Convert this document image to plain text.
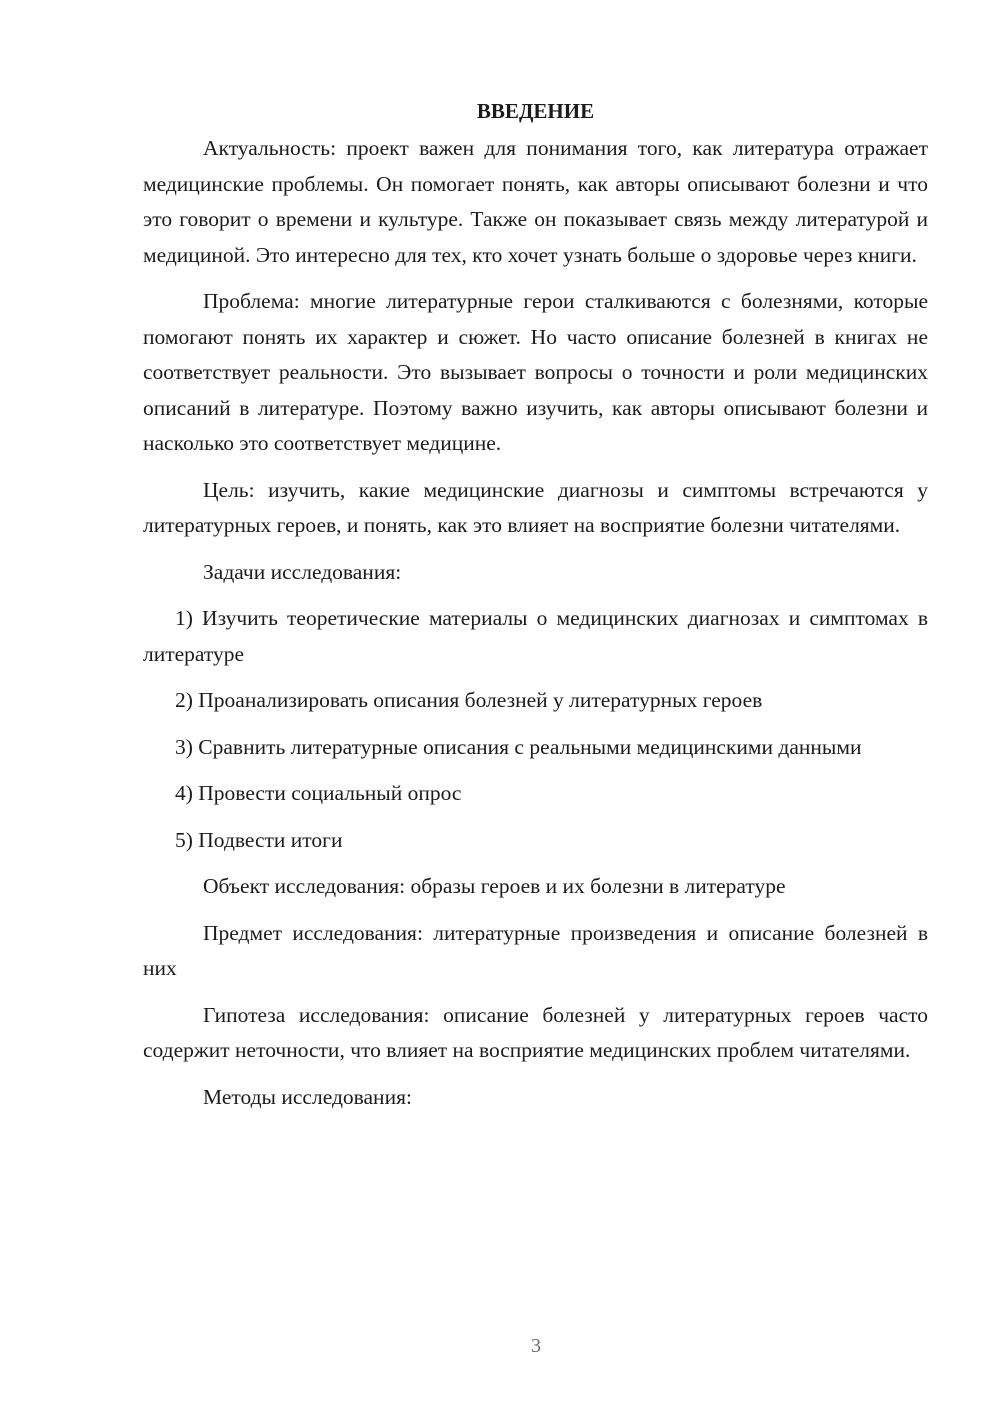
ВВЕДЕНИЕ

Актуальность: проект важен для понимания того, как литература отражает медицинские проблемы. Он помогает понять, как авторы описывают болезни и что это говорит о времени и культуре. Также он показывает связь между литературой и медициной. Это интересно для тех, кто хочет узнать больше о здоровье через книги.

Проблема: многие литературные герои сталкиваются с болезнями, которые помогают понять их характер и сюжет. Но часто описание болезней в книгах не соответствует реальности. Это вызывает вопросы о точности и роли медицинских описаний в литературе. Поэтому важно изучить, как авторы описывают болезни и насколько это соответствует медицине.

Цель: изучить, какие медицинские диагнозы и симптомы встречаются у литературных героев, и понять, как это влияет на восприятие болезни читателями.

Задачи исследования:

1) Изучить теоретические материалы о медицинских диагнозах и симптомах в литературе

2) Проанализировать описания болезней у литературных героев

3) Сравнить литературные описания с реальными медицинскими данными

4) Провести социальный опрос

5) Подвести итоги

Объект исследования: образы героев и их болезни в литературе

Предмет исследования: литературные произведения и описание болезней в них

Гипотеза исследования: описание болезней у литературных героев часто содержит неточности, что влияет на восприятие медицинских проблем читателями.

Методы исследования:

3
